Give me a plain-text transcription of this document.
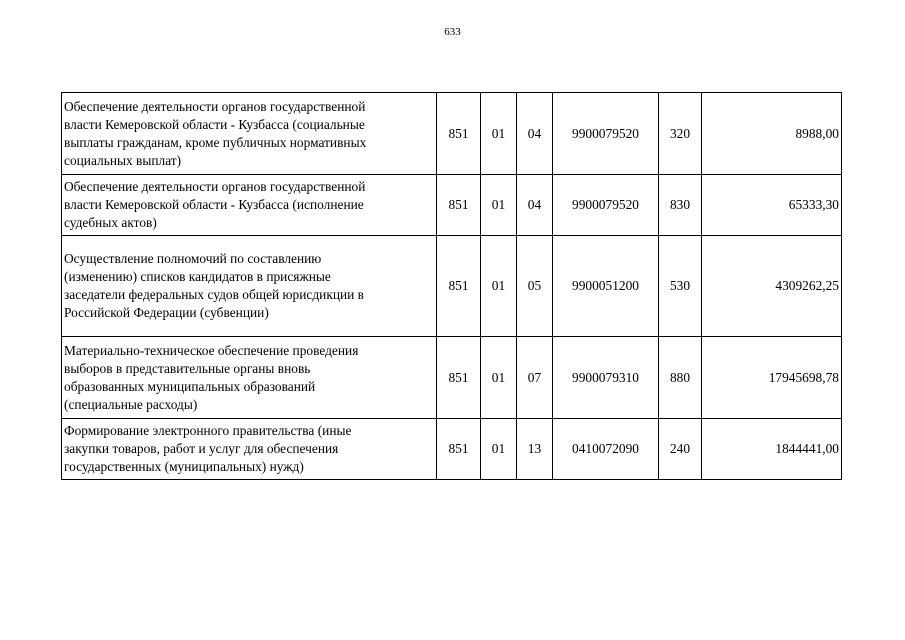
633
Обеспечение деятельности органов государственной
власти Кемеровской области - Кузбасса (социальные
выплаты гражданам, кроме публичных нормативных
социальных выплат)	851	01	04	9900079520	320	8988,00

Обеспечение деятельности органов государственной
власти Кемеровской области - Кузбасса (исполнение
судебных актов)	851	01	04	9900079520	830	65333,30

Осуществление полномочий по составлению
(изменению) списков кандидатов в присяжные
заседатели федеральных судов общей юрисдикции в
Российской Федерации (субвенции)	851	01	05	9900051200	530	4309262,25

Материально-техническое обеспечение проведения
выборов в представительные органы вновь
образованных муниципальных образований
(специальные расходы)	851	01	07	9900079310	880	17945698,78

Формирование электронного правительства (иные
закупки товаров, работ и услуг для обеспечения
государственных (муниципальных) нужд)	851	01	13	0410072090	240	1844441,00
